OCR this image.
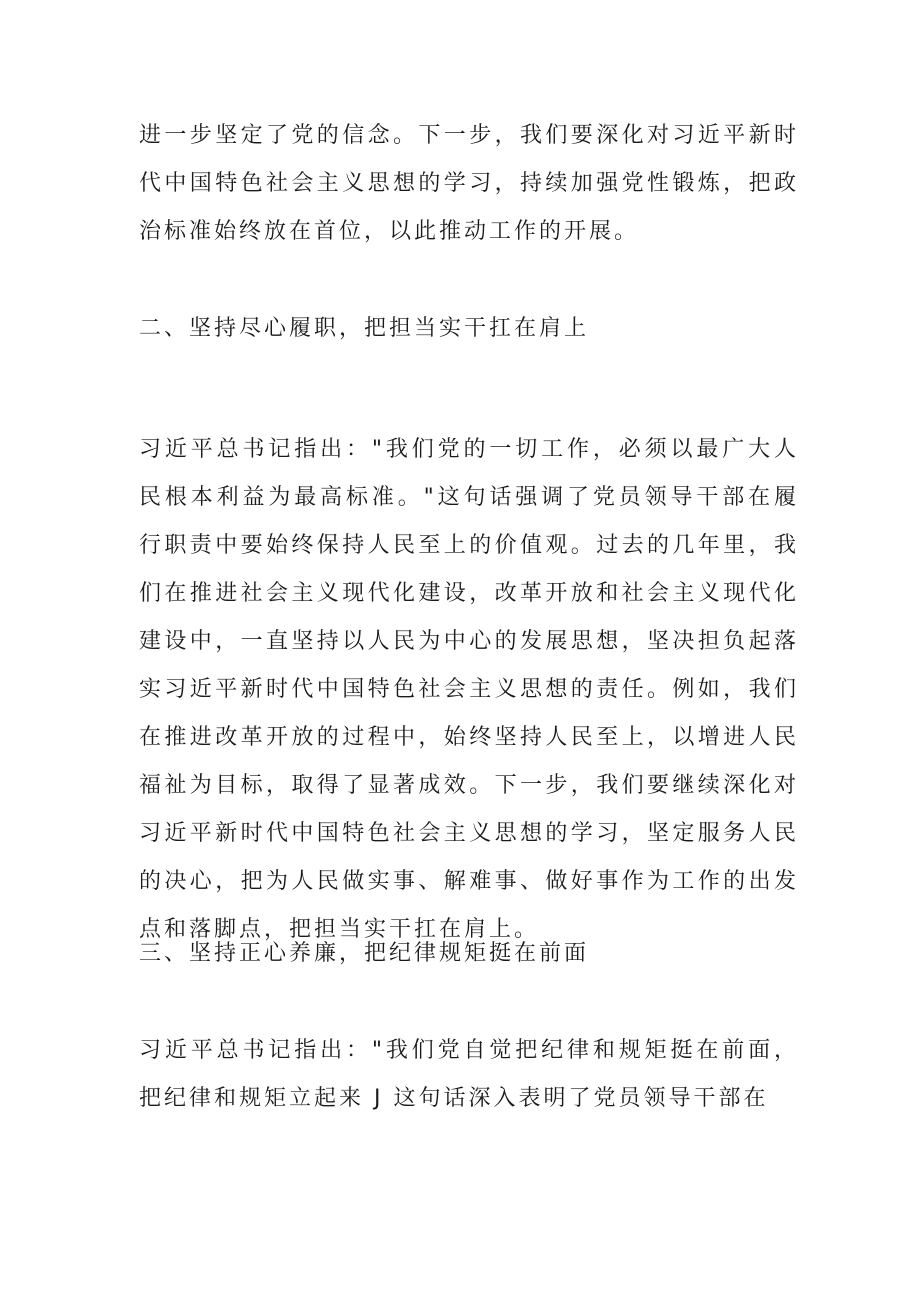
进一步坚定了党的信念。下一步，我们要深化对习近平新时代中国特色社会主义思想的学习，持续加强党性锻炼，把政治标准始终放在首位，以此推动工作的开展。

二、坚持尽心履职，把担当实干扛在肩上

习近平总书记指出："我们党的一切工作，必须以最广大人民根本利益为最高标准。"这句话强调了党员领导干部在履行职责中要始终保持人民至上的价值观。过去的几年里，我们在推进社会主义现代化建设，改革开放和社会主义现代化建设中，一直坚持以人民为中心的发展思想，坚决担负起落实习近平新时代中国特色社会主义思想的责任。例如，我们在推进改革开放的过程中，始终坚持人民至上，以增进人民福祉为目标，取得了显著成效。下一步，我们要继续深化对习近平新时代中国特色社会主义思想的学习，坚定服务人民的决心，把为人民做实事、解难事、做好事作为工作的出发点和落脚点，把担当实干扛在肩上。

三、坚持正心养廉，把纪律规矩挺在前面

习近平总书记指出："我们党自觉把纪律和规矩挺在前面，把纪律和规矩立起来 J 这句话深入表明了党员领导干部在
